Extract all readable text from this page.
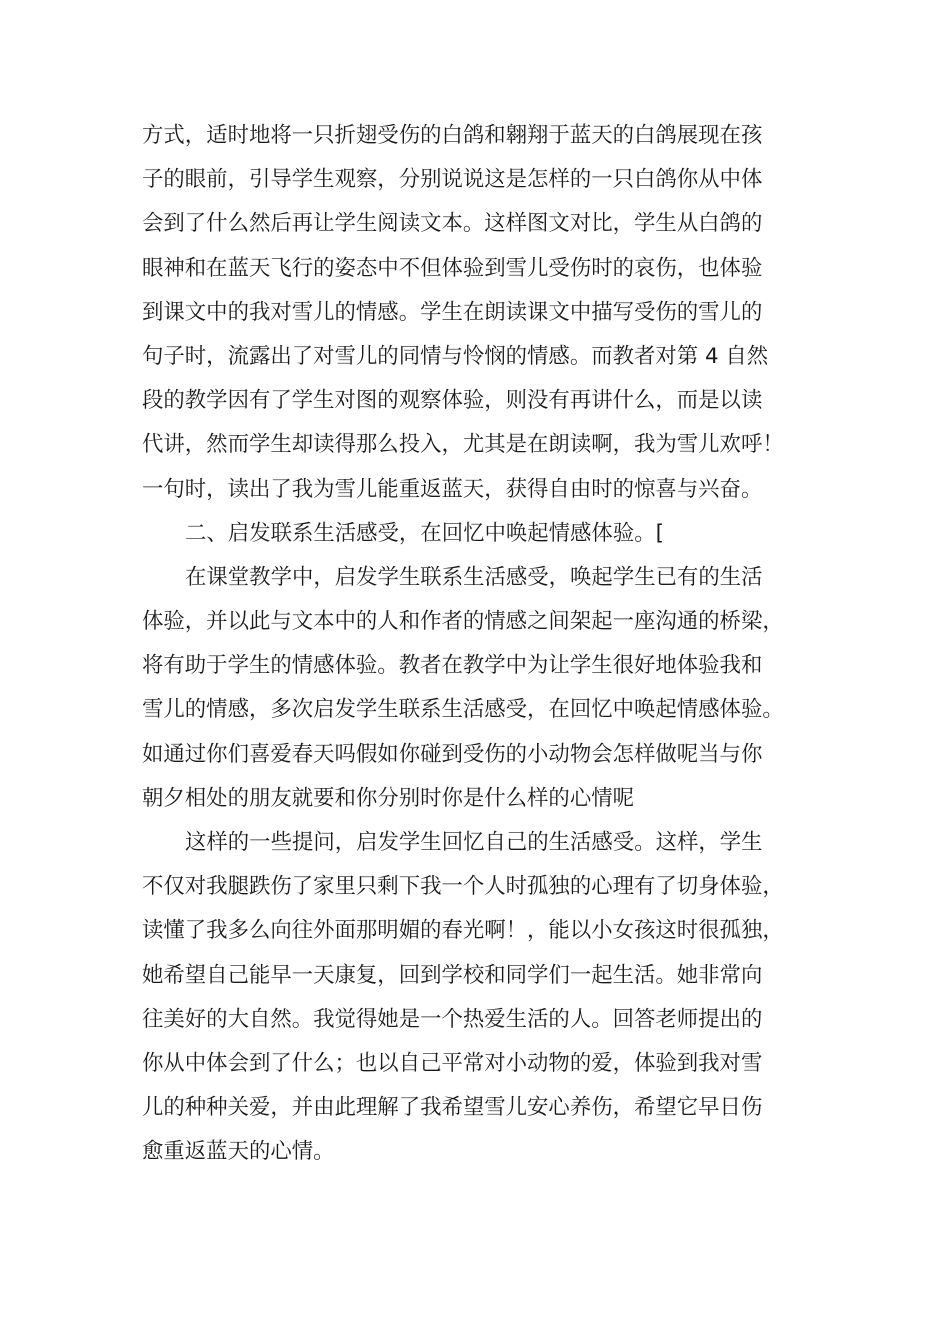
方式，适时地将一只折翅受伤的白鸽和翱翔于蓝天的白鸽展现在孩
子的眼前，引导学生观察，分别说说这是怎样的一只白鸽你从中体
会到了什么然后再让学生阅读文本。这样图文对比，学生从白鸽的
眼神和在蓝天飞行的姿态中不但体验到雪儿受伤时的哀伤，也体验
到课文中的我对雪儿的情感。学生在朗读课文中描写受伤的雪儿的
句子时，流露出了对雪儿的同情与怜悯的情感。而教者对第 4 自然
段的教学因有了学生对图的观察体验，则没有再讲什么，而是以读
代讲，然而学生却读得那么投入，尤其是在朗读啊，我为雪儿欢呼！
一句时，读出了我为雪儿能重返蓝天，获得自由时的惊喜与兴奋。
二、启发联系生活感受，在回忆中唤起情感体验。[
在课堂教学中，启发学生联系生活感受，唤起学生已有的生活
体验，并以此与文本中的人和作者的情感之间架起一座沟通的桥梁，
将有助于学生的情感体验。教者在教学中为让学生很好地体验我和
雪儿的情感，多次启发学生联系生活感受，在回忆中唤起情感体验。
如通过你们喜爱春天吗假如你碰到受伤的小动物会怎样做呢当与你
朝夕相处的朋友就要和你分别时你是什么样的心情呢
这样的一些提问，启发学生回忆自己的生活感受。这样，学生
不仅对我腿跌伤了家里只剩下我一个人时孤独的心理有了切身体验，
读懂了我多么向往外面那明媚的春光啊！，能以小女孩这时很孤独，
她希望自己能早一天康复，回到学校和同学们一起生活。她非常向
往美好的大自然。我觉得她是一个热爱生活的人。回答老师提出的
你从中体会到了什么；也以自己平常对小动物的爱，体验到我对雪
儿的种种关爱，并由此理解了我希望雪儿安心养伤，希望它早日伤
愈重返蓝天的心情。
